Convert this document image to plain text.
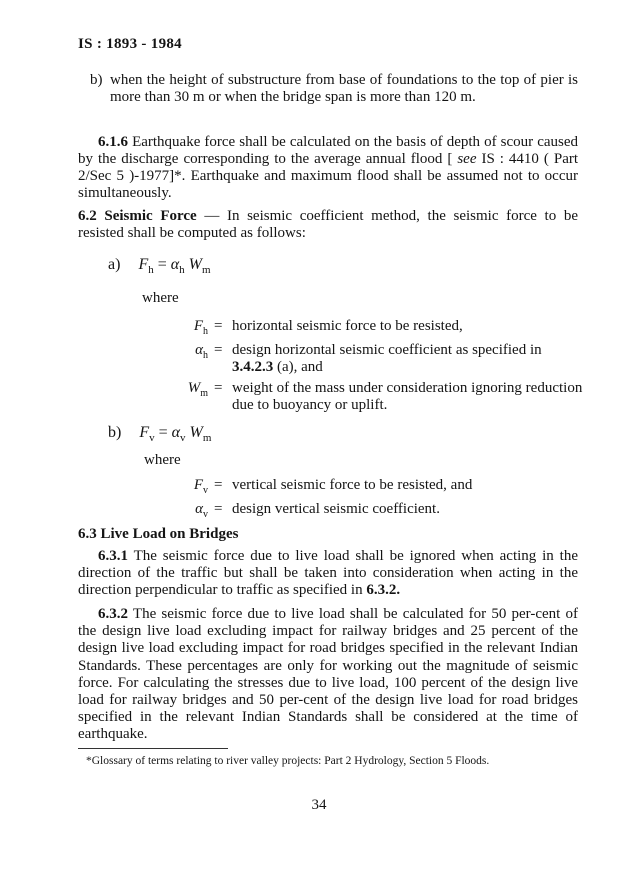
IS : 1893 - 1984
b) when the height of substructure from base of foundations to the top of pier is more than 30 m or when the bridge span is more than 120 m.
6.1.6 Earthquake force shall be calculated on the basis of depth of scour caused by the discharge corresponding to the average annual flood [ see IS : 4410 ( Part 2/Sec 5 )-1977]*. Earthquake and maximum flood shall be assumed not to occur simultaneously.
6.2 Seismic Force — In seismic coefficient method, the seismic force to be resisted shall be computed as follows:
a) $F_h = \alpha_h$ $W_m$
where
$F_h$ = horizontal seismic force to be resisted,
$\alpha_h$ = design horizontal seismic coefficient as specified in 3.4.2.3 (a), and
$W_m$ = weight of the mass under consideration ignoring reduction due to buoyancy or uplift.
b) $F_v = \alpha_v$ $W_m$
where
$F_v$ = vertical seismic force to be resisted, and
$\alpha_v$ = design vertical seismic coefficient.
6.3 Live Load on Bridges
6.3.1 The seismic force due to live load shall be ignored when acting in the direction of the traffic but shall be taken into consideration when acting in the direction perpendicular to traffic as specified in 6.3.2.
6.3.2 The seismic force due to live load shall be calculated for 50 per-cent of the design live load excluding impact for railway bridges and 25 percent of the design live load excluding impact for road bridges specified in the relevant Indian Standards. These percentages are only for working out the magnitude of seismic force. For calculating the stresses due to live load, 100 percent of the design live load for railway bridges and 50 per-cent of the design live load for road bridges specified in the relevant Indian Standards shall be considered at the time of earthquake.
*Glossary of terms relating to river valley projects: Part 2 Hydrology, Section 5 Floods.
34
